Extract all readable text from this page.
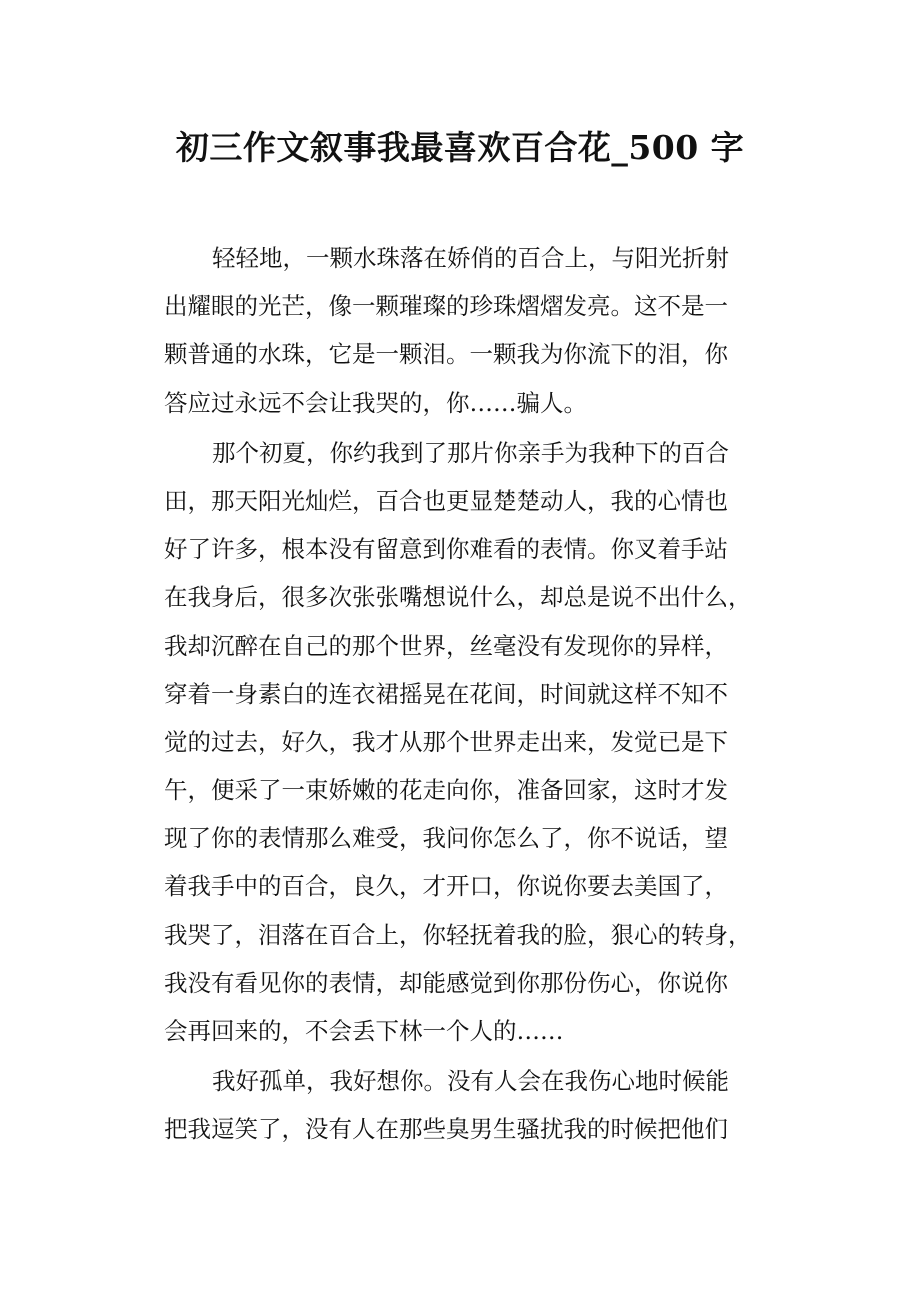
初三作文叙事我最喜欢百合花_500 字

轻轻地，一颗水珠落在娇俏的百合上，与阳光折射
出耀眼的光芒，像一颗璀璨的珍珠熠熠发亮。这不是一
颗普通的水珠，它是一颗泪。一颗我为你流下的泪，你
答应过永远不会让我哭的，你……骗人。

那个初夏，你约我到了那片你亲手为我种下的百合
田，那天阳光灿烂，百合也更显楚楚动人，我的心情也
好了许多，根本没有留意到你难看的表情。你叉着手站
在我身后，很多次张张嘴想说什么，却总是说不出什么，
我却沉醉在自己的那个世界，丝毫没有发现你的异样，
穿着一身素白的连衣裙摇晃在花间，时间就这样不知不
觉的过去，好久，我才从那个世界走出来，发觉已是下
午，便采了一束娇嫩的花走向你，准备回家，这时才发
现了你的表情那么难受，我问你怎么了，你不说话，望
着我手中的百合，良久，才开口，你说你要去美国了，
我哭了，泪落在百合上，你轻抚着我的脸，狠心的转身，
我没有看见你的表情，却能感觉到你那份伤心，你说你
会再回来的，不会丢下林一个人的……

我好孤单，我好想你。没有人会在我伤心地时候能
把我逗笑了，没有人在那些臭男生骚扰我的时候把他们
